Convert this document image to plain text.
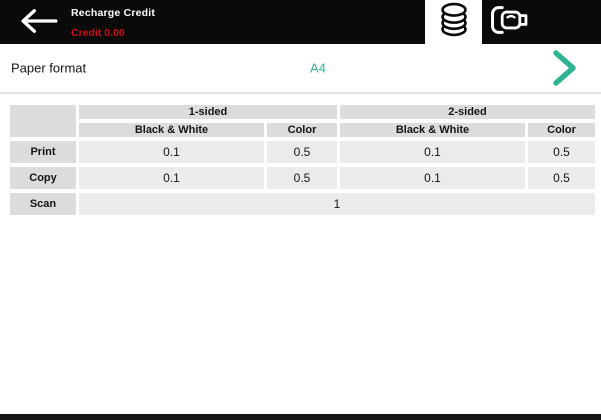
Recharge Credit
Credit 0.00
Paper format	A4
1-sided	2-sided
Black & White	Color	Black & White	Color
Print	0.1	0.5	0.1	0.5
Copy	0.1	0.5	0.1	0.5
Scan	1
